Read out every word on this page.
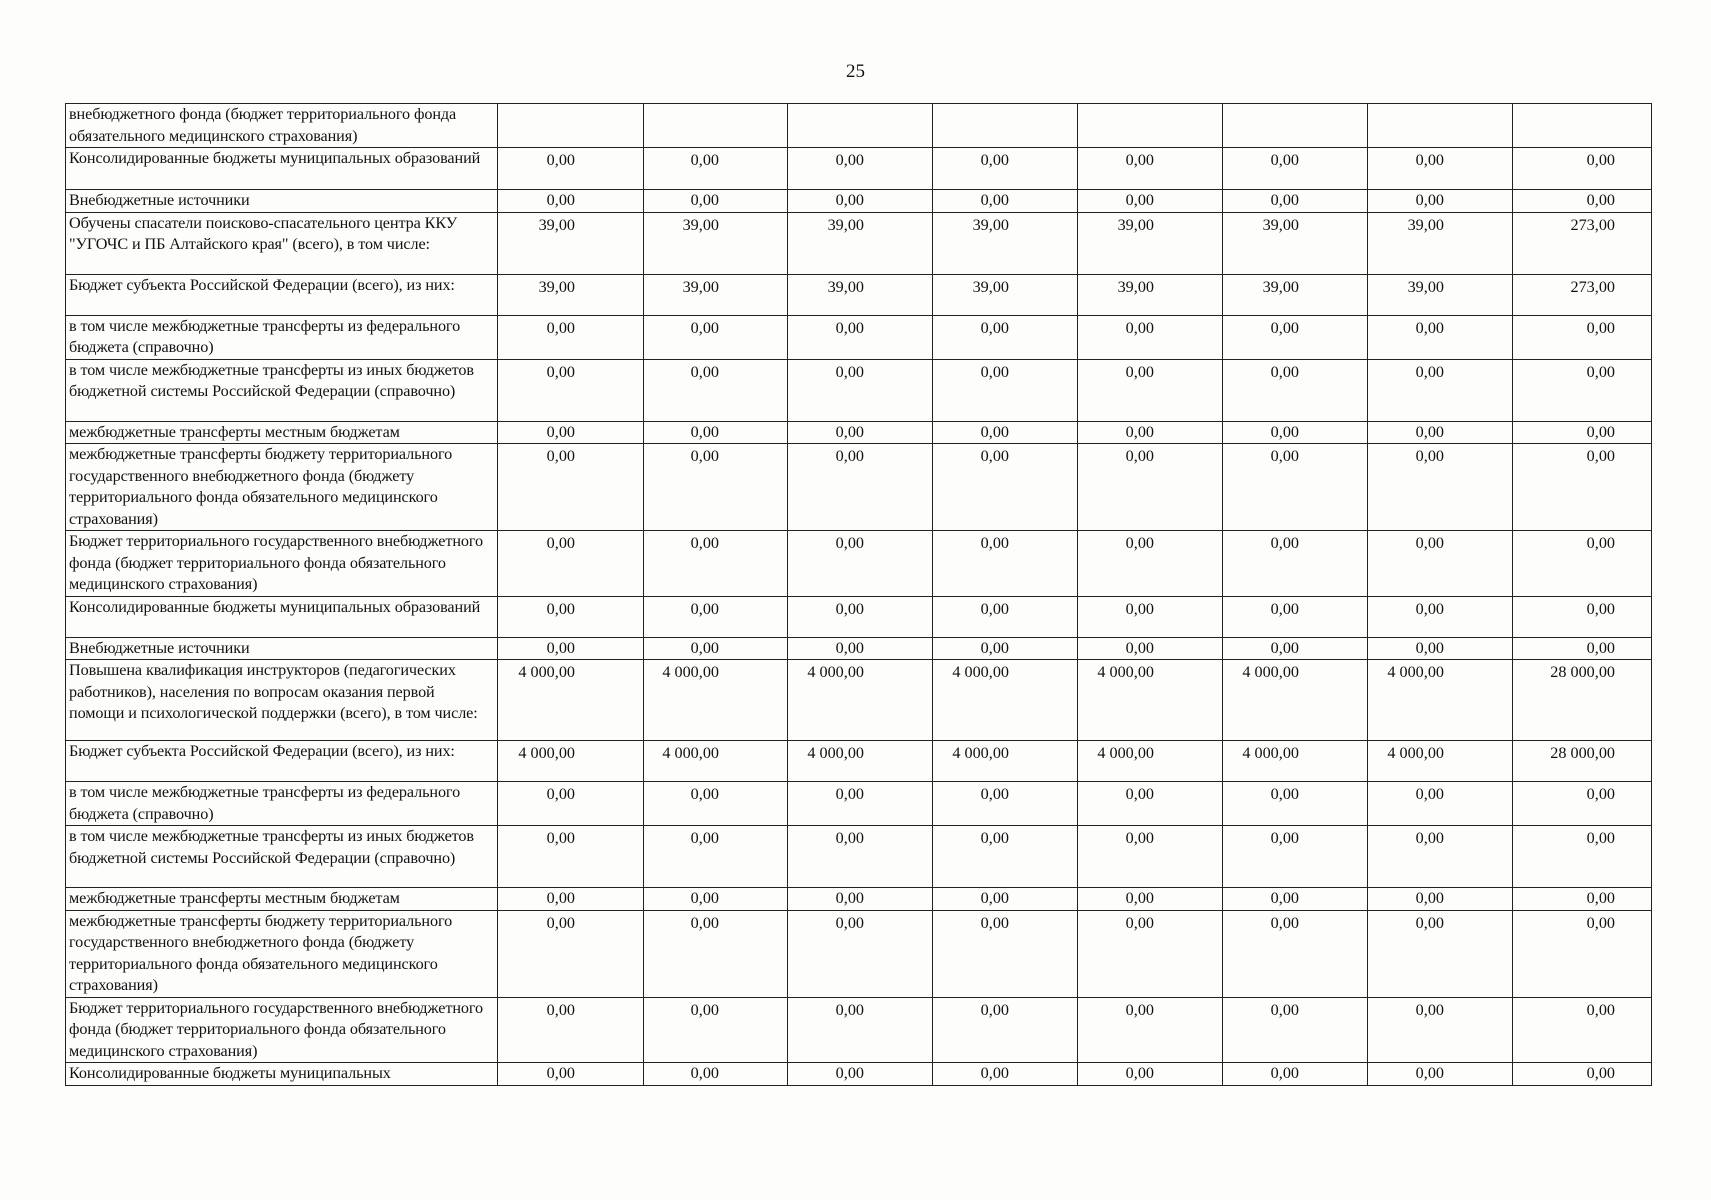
25
внебюджетного фонда (бюджет территориального фонда обязательного медицинского страхования)								
Консолидированные бюджеты муниципальных образований	0,00	0,00	0,00	0,00	0,00	0,00	0,00	0,00
Внебюджетные источники	0,00	0,00	0,00	0,00	0,00	0,00	0,00	0,00
Обучены спасатели поисково-спасательного центра ККУ "УГОЧС и ПБ Алтайского края" (всего), в том числе:	39,00	39,00	39,00	39,00	39,00	39,00	39,00	273,00
Бюджет субъекта Российской Федерации (всего), из них:	39,00	39,00	39,00	39,00	39,00	39,00	39,00	273,00
в том числе межбюджетные трансферты из федерального бюджета (справочно)	0,00	0,00	0,00	0,00	0,00	0,00	0,00	0,00
в том числе межбюджетные трансферты из иных бюджетов бюджетной системы Российской Федерации (справочно)	0,00	0,00	0,00	0,00	0,00	0,00	0,00	0,00
межбюджетные трансферты местным бюджетам	0,00	0,00	0,00	0,00	0,00	0,00	0,00	0,00
межбюджетные трансферты бюджету территориального государственного внебюджетного фонда (бюджету территориального фонда обязательного медицинского страхования)	0,00	0,00	0,00	0,00	0,00	0,00	0,00	0,00
Бюджет территориального государственного внебюджетного фонда (бюджет территориального фонда обязательного медицинского страхования)	0,00	0,00	0,00	0,00	0,00	0,00	0,00	0,00
Консолидированные бюджеты муниципальных образований	0,00	0,00	0,00	0,00	0,00	0,00	0,00	0,00
Внебюджетные источники	0,00	0,00	0,00	0,00	0,00	0,00	0,00	0,00
Повышена квалификация инструкторов (педагогических работников), населения по вопросам оказания первой помощи и психологической поддержки (всего), в том числе:	4 000,00	4 000,00	4 000,00	4 000,00	4 000,00	4 000,00	4 000,00	28 000,00
Бюджет субъекта Российской Федерации (всего), из них:	4 000,00	4 000,00	4 000,00	4 000,00	4 000,00	4 000,00	4 000,00	28 000,00
в том числе межбюджетные трансферты из федерального бюджета (справочно)	0,00	0,00	0,00	0,00	0,00	0,00	0,00	0,00
в том числе межбюджетные трансферты из иных бюджетов бюджетной системы Российской Федерации (справочно)	0,00	0,00	0,00	0,00	0,00	0,00	0,00	0,00
межбюджетные трансферты местным бюджетам	0,00	0,00	0,00	0,00	0,00	0,00	0,00	0,00
межбюджетные трансферты бюджету территориального государственного внебюджетного фонда (бюджету территориального фонда обязательного медицинского страхования)	0,00	0,00	0,00	0,00	0,00	0,00	0,00	0,00
Бюджет территориального государственного внебюджетного фонда (бюджет территориального фонда обязательного медицинского страхования)	0,00	0,00	0,00	0,00	0,00	0,00	0,00	0,00
Консолидированные бюджеты муниципальных	0,00	0,00	0,00	0,00	0,00	0,00	0,00	0,00
